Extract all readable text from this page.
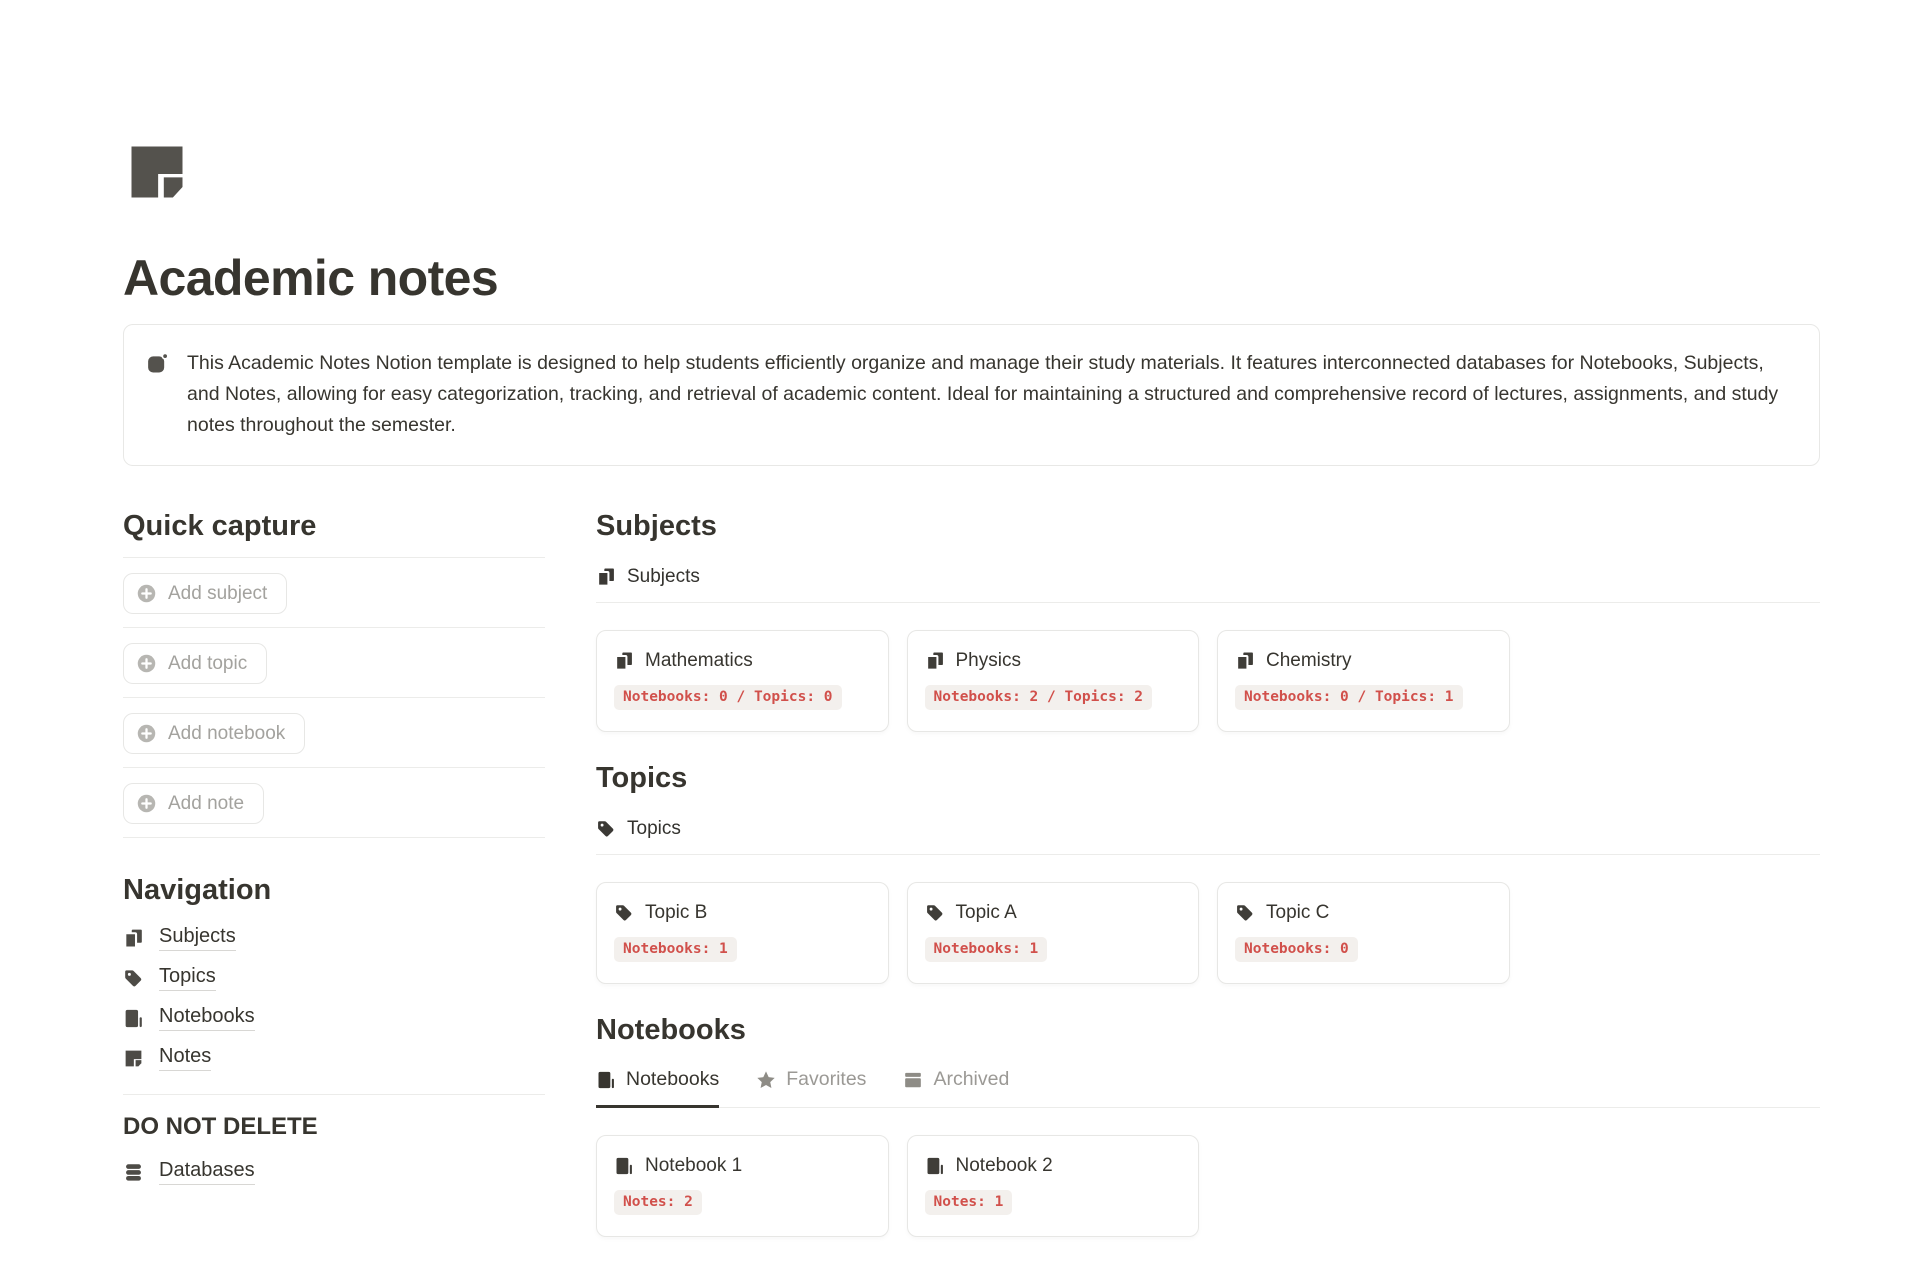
Academic notes

This Academic Notes Notion template is designed to help students efficiently organize and manage their study materials. It features interconnected databases for Notebooks, Subjects, and Notes, allowing for easy categorization, tracking, and retrieval of academic content. Ideal for maintaining a structured and comprehensive record of lectures, assignments, and study notes throughout the semester.

Quick capture
Add subject
Add topic
Add notebook
Add note
Navigation
Subjects
Topics
Notebooks
Notes
DO NOT DELETE
Databases
Subjects
Subjects
Mathematics
Notebooks: 0 / Topics: 0
Physics
Notebooks: 2 / Topics: 2
Chemistry
Notebooks: 0 / Topics: 1
Topics
Topics
Topic B
Notebooks: 1
Topic A
Notebooks: 1
Topic C
Notebooks: 0
Notebooks
Notebooks	Favorites	Archived
Notebook 1
Notes: 2
Notebook 2
Notes: 1
